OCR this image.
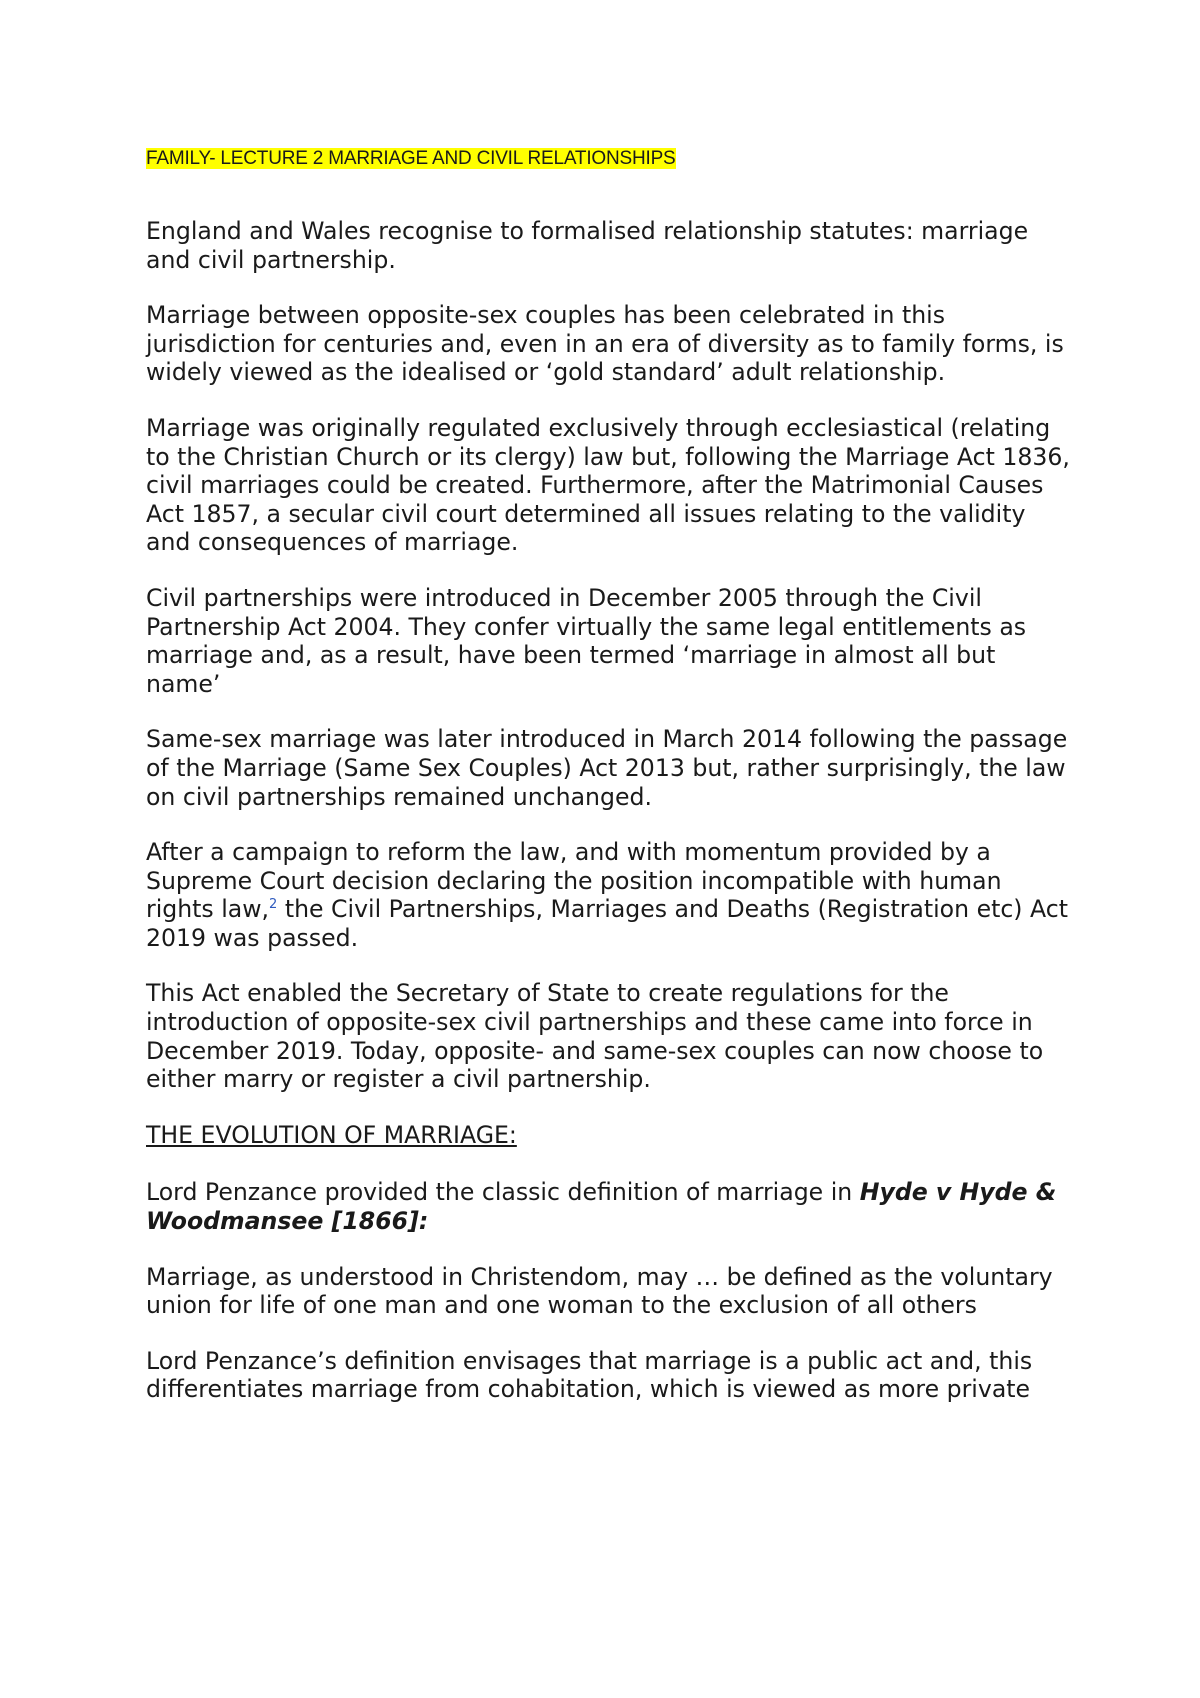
FAMILY- LECTURE 2 MARRIAGE AND CIVIL RELATIONSHIPS

England and Wales recognise to formalised relationship statutes: marriage and civil partnership.

Marriage between opposite-sex couples has been celebrated in this jurisdiction for centuries and, even in an era of diversity as to family forms, is widely viewed as the idealised or ‘gold standard’ adult relationship.

Marriage was originally regulated exclusively through ecclesiastical (relating to the Christian Church or its clergy) law but, following the Marriage Act 1836, civil marriages could be created. Furthermore, after the Matrimonial Causes Act 1857, a secular civil court determined all issues relating to the validity and consequences of marriage.

Civil partnerships were introduced in December 2005 through the Civil Partnership Act 2004. They confer virtually the same legal entitlements as marriage and, as a result, have been termed ‘marriage in almost all but name’

Same-sex marriage was later introduced in March 2014 following the passage of the Marriage (Same Sex Couples) Act 2013 but, rather surprisingly, the law on civil partnerships remained unchanged.

After a campaign to reform the law, and with momentum provided by a Supreme Court decision declaring the position incompatible with human rights law,$^2$ the Civil Partnerships, Marriages and Deaths (Registration etc) Act 2019 was passed.

This Act enabled the Secretary of State to create regulations for the introduction of opposite-sex civil partnerships and these came into force in December 2019. Today, opposite- and same-sex couples can now choose to either marry or register a civil partnership.

THE EVOLUTION OF MARRIAGE:

Lord Penzance provided the classic definition of marriage in Hyde v Hyde & Woodmansee [1866]:

Marriage, as understood in Christendom, may … be defined as the voluntary union for life of one man and one woman to the exclusion of all others

Lord Penzance’s definition envisages that marriage is a public act and, this differentiates marriage from cohabitation, which is viewed as more private
